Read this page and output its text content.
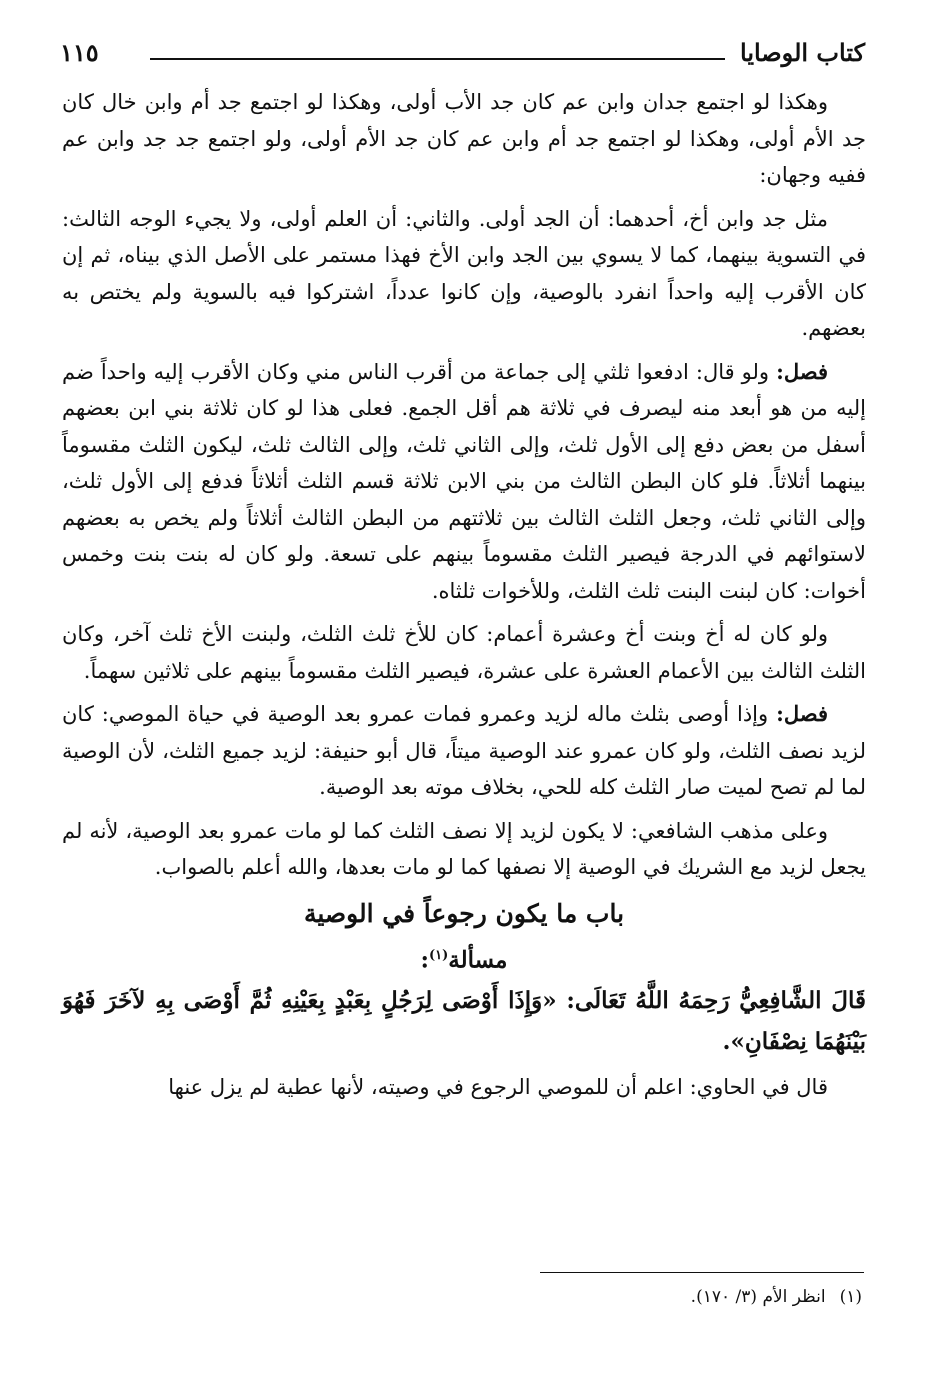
١١٥	كتاب الوصايا

وهكذا لو اجتمع جدان وابن عم كان جد الأب أولى، وهكذا لو اجتمع جد أم وابن خال كان جد الأم أولى، وهكذا لو اجتمع جد أم وابن عم كان جد الأم أولى، ولو اجتمع جد جد وابن عم ففيه وجهان:

مثل جد وابن أخ، أحدهما: أن الجد أولى. والثاني: أن العلم أولى، ولا يجيء الوجه الثالث: في التسوية بينهما، كما لا يسوي بين الجد وابن الأخ فهذا مستمر على الأصل الذي بيناه، ثم إن كان الأقرب إليه واحداً انفرد بالوصية، وإن كانوا عدداً، اشتركوا فيه بالسوية ولم يختص به بعضهم.

فصل: ولو قال: ادفعوا ثلثي إلى جماعة من أقرب الناس مني وكان الأقرب إليه واحداً ضم إليه من هو أبعد منه ليصرف في ثلاثة هم أقل الجمع. فعلى هذا لو كان ثلاثة بني ابن بعضهم أسفل من بعض دفع إلى الأول ثلث، وإلى الثاني ثلث، وإلى الثالث ثلث، ليكون الثلث مقسوماً بينهما أثلاثاً. فلو كان البطن الثالث من بني الابن ثلاثة قسم الثلث أثلاثاً فدفع إلى الأول ثلث، وإلى الثاني ثلث، وجعل الثلث الثالث بين ثلاثتهم من البطن الثالث أثلاثاً ولم يخص به بعضهم لاستوائهم في الدرجة فيصير الثلث مقسوماً بينهم على تسعة. ولو كان له بنت بنت وخمس أخوات: كان لبنت البنت ثلث الثلث، وللأخوات ثلثاه.

ولو كان له أخ وبنت أخ وعشرة أعمام: كان للأخ ثلث الثلث، ولبنت الأخ ثلث آخر، وكان الثلث الثالث بين الأعمام العشرة على عشرة، فيصير الثلث مقسوماً بينهم على ثلاثين سهماً.

فصل: وإذا أوصى بثلث ماله لزيد وعمرو فمات عمرو بعد الوصية في حياة الموصي: كان لزيد نصف الثلث، ولو كان عمرو عند الوصية ميتاً، قال أبو حنيفة: لزيد جميع الثلث، لأن الوصية لما لم تصح لميت صار الثلث كله للحي، بخلاف موته بعد الوصية.

وعلى مذهب الشافعي: لا يكون لزيد إلا نصف الثلث كما لو مات عمرو بعد الوصية، لأنه لم يجعل لزيد مع الشريك في الوصية إلا نصفها كما لو مات بعدها، والله أعلم بالصواب.

باب ما يكون رجوعاً في الوصية

مسألة$^{(١)}$:

قَالَ الشَّافِعِيُّ رَحِمَهُ اللَّهُ تَعَالَى: «وَإِذَا أَوْصَى لِرَجُلٍ بِعَبْدٍ بِعَيْنِهِ ثُمَّ أَوْصَى بِهِ لآخَرَ فَهُوَ بَيْنَهُمَا نِصْفَانِ».

قال في الحاوي: اعلم أن للموصي الرجوع في وصيته، لأنها عطية لم يزل عنها

(١)انظر الأم (٣/ ١٧٠).
